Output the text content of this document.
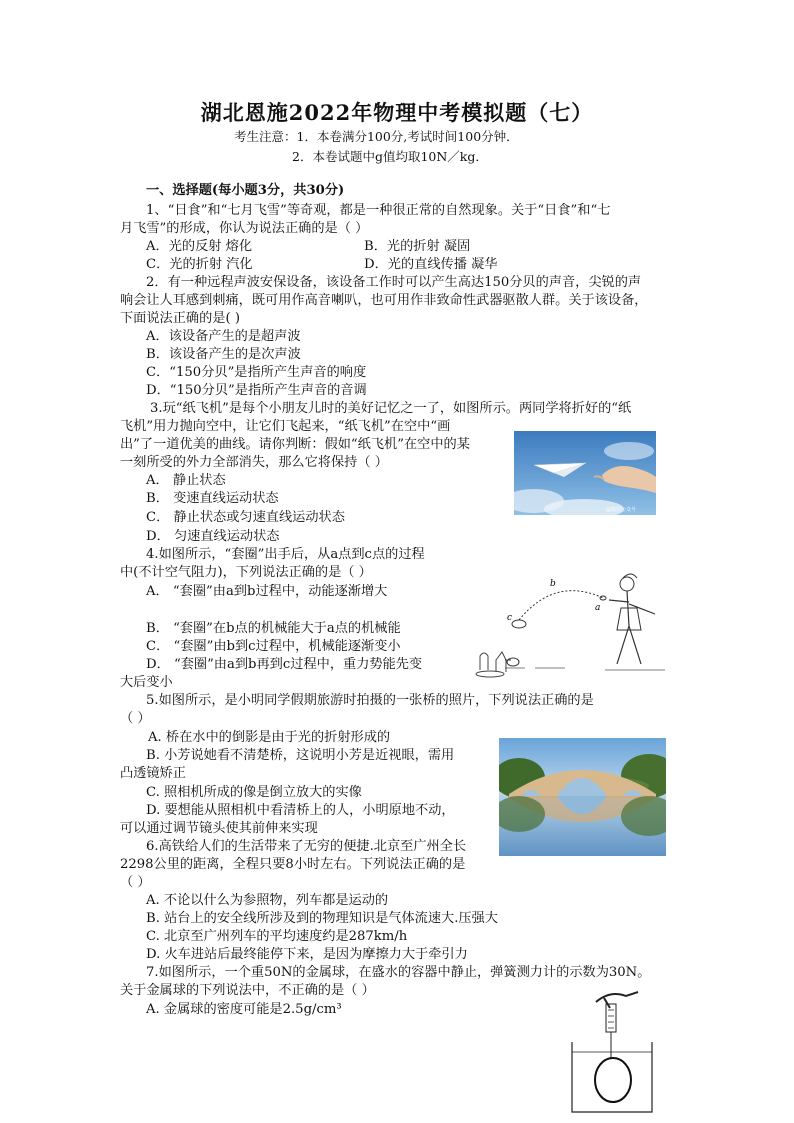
湖北恩施2022年物理中考模拟题（七）
考生注意：1．本卷满分100分,考试时间100分钟．
2．本卷试题中g值均取10N／kg．
一、选择题(每小题3分，共30分)
1、“日食”和“七月飞雪”等奇观，都是一种很正常的自然现象。关于“日食”和“七
月飞雪”的形成，你认为说法正确的是（ ）
A．光的反射 熔化	B．光的折射 凝固
C．光的折射 汽化	D．光的直线传播 凝华
2．有一种远程声波安保设备，该设备工作时可以产生高达150分贝的声音，尖锐的声
响会让人耳感到刺痛，既可用作高音喇叭，也可用作非致命性武器驱散人群。关于该设备，
下面说法正确的是( )
A．该设备产生的是超声波
B．该设备产生的是次声波
C．“150分贝”是指所产生声音的响度
D．“150分贝”是指所产生声音的音调
3.玩“纸飞机”是每个小朋友儿时的美好记忆之一了，如图所示。两同学将折好的“纸
飞机”用力抛向空中，让它们飞起来，“纸飞机”在空中“画
出”了一道优美的曲线。请你判断：假如“纸飞机”在空中的某
一刻所受的外力全部消失，那么它将保持（ ）
A． 静止状态
B． 变速直线运动状态
C． 静止状态或匀速直线运动状态
D． 匀速直线运动状态
4.如图所示，“套圈”出手后，从a点到c点的过程
中(不计空气阻力)，下列说法正确的是（ ）
A． “套圈”由a到b过程中，动能逐渐增大
B． “套圈”在b点的机械能大于a点的机械能
C． “套圈”由b到c过程中，机械能逐渐变小
D． “套圈”由a到b再到c过程中，重力势能先变
大后变小
5.如图所示，是小明同学假期旅游时拍摄的一张桥的照片，下列说法正确的是
（ ）
A. 桥在水中的倒影是由于光的折射形成的
B. 小芳说她看不清楚桥，这说明小芳是近视眼，需用
凸透镜矫正
C. 照相机所成的像是倒立放大的实像
D. 要想能从照相机中看清桥上的人，小明原地不动，
可以通过调节镜头使其前伸来实现
6.高铁给人们的生活带来了无穷的便捷.北京至广州全长
2298公里的距离，全程只要8小时左右。下列说法正确的是
（ ）
A. 不论以什么为参照物，列车都是运动的
B. 站台上的安全线所涉及到的物理知识是气体流速大.压强大
C. 北京至广州列车的平均速度约是287km/h
D. 火车进站后最终能停下来，是因为摩擦力大于牵引力
7.如图所示，一个重50N的金属球，在盛水的容器中静止，弹簧测力计的示数为30N。
关于金属球的下列说法中，不正确的是（ ）
A. 金属球的密度可能是2.5g/cm³
@微信公众号
b
a
c
